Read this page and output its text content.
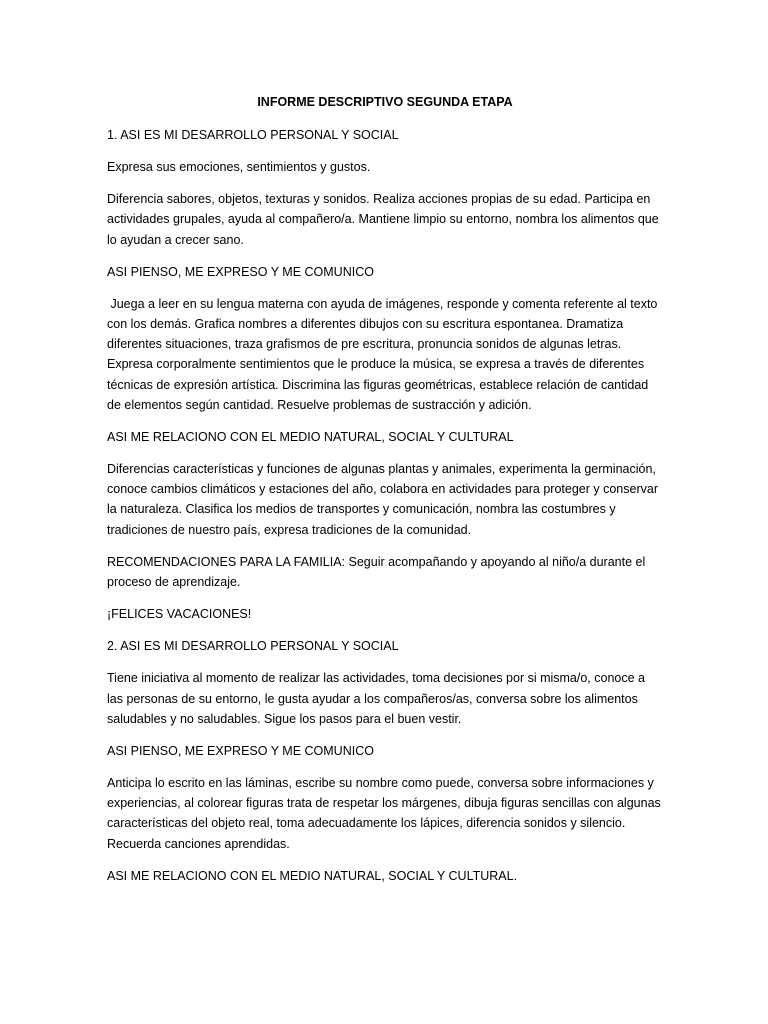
INFORME DESCRIPTIVO SEGUNDA ETAPA

1. ASI ES MI DESARROLLO PERSONAL Y SOCIAL

Expresa sus emociones, sentimientos y gustos.

Diferencia sabores, objetos, texturas y sonidos. Realiza acciones propias de su edad. Participa en actividades grupales, ayuda al compañero/a. Mantiene limpio su entorno, nombra los alimentos que lo ayudan a crecer sano.

ASI PIENSO, ME EXPRESO Y ME COMUNICO

Juega a leer en su lengua materna con ayuda de imágenes, responde y comenta referente al texto con los demás. Grafica nombres a diferentes dibujos con su escritura espontanea. Dramatiza diferentes situaciones, traza grafismos de pre escritura, pronuncia sonidos de algunas letras. Expresa corporalmente sentimientos que le produce la música, se expresa a través de diferentes técnicas de expresión artística. Discrimina las figuras geométricas, establece relación de cantidad de elementos según cantidad. Resuelve problemas de sustracción y adición.

ASI ME RELACIONO CON EL MEDIO NATURAL, SOCIAL Y CULTURAL

Diferencias características y funciones de algunas plantas y animales, experimenta la germinación, conoce cambios climáticos y estaciones del año, colabora en actividades para proteger y conservar la naturaleza. Clasifica los medios de transportes y comunicación, nombra las costumbres y tradiciones de nuestro país, expresa tradiciones de la comunidad.

RECOMENDACIONES PARA LA FAMILIA: Seguir acompañando y apoyando al niño/a durante el proceso de aprendizaje.

¡FELICES VACACIONES!

2. ASI ES MI DESARROLLO PERSONAL Y SOCIAL

Tiene iniciativa al momento de realizar las actividades, toma decisiones por si misma/o, conoce a las personas de su entorno, le gusta ayudar a los compañeros/as, conversa sobre los alimentos saludables y no saludables. Sigue los pasos para el buen vestir.

ASI PIENSO, ME EXPRESO Y ME COMUNICO

Anticipa lo escrito en las láminas, escribe su nombre como puede, conversa sobre informaciones y experiencias, al colorear figuras trata de respetar los márgenes, dibuja figuras sencillas con algunas características del objeto real, toma adecuadamente los lápices, diferencia sonidos y silencio. Recuerda canciones aprendidas.

ASI ME RELACIONO CON EL MEDIO NATURAL, SOCIAL Y CULTURAL.
